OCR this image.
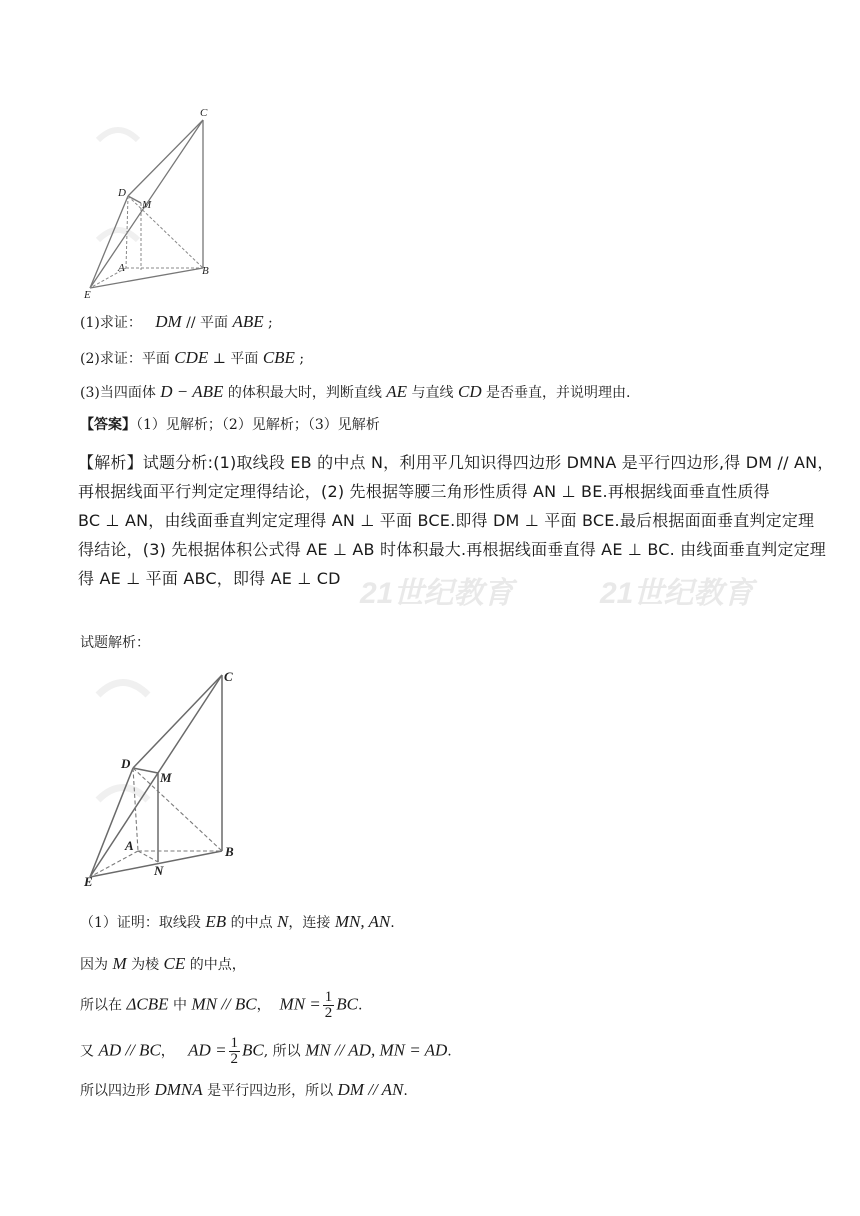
21世纪教育	21世纪教育
C
D
M
A	B
E
(1)求证： DM // 平面 ABE ;
(2)求证：平面 CDE ⊥ 平面 CBE ;
(3)当四面体 D − ABE 的体积最大时，判断直线 AE 与直线 CD 是否垂直，并说明理由.
【答案】（1）见解析；（2）见解析；（3）见解析
【解析】试题分析:(1)取线段 EB 的中点 N，利用平几知识得四边形 DMNA 是平行四边形,得 DM // AN，
再根据线面平行判定定理得结论，(2) 先根据等腰三角形性质得 AN ⊥ BE.再根据线面垂直性质得
BC ⊥ AN，由线面垂直判定定理得 AN ⊥ 平面 BCE.即得 DM ⊥ 平面 BCE.最后根据面面垂直判定定理
得结论，(3) 先根据体积公式得 AE ⊥ AB 时体积最大.再根据线面垂直得 AE ⊥ BC. 由线面垂直判定定理
得 AE ⊥ 平面 ABC，即得 AE ⊥ CD
试题解析：
C
D
M
A	B
N
E
（1）证明：取线段 EB 的中点 N，连接 MN, AN.
因为 M 为棱 CE 的中点，
所以在 ΔCBE 中 MN // BC， MN = $\frac{1}{2}$ BC.
又 AD // BC， AD = $\frac{1}{2}$ BC, 所以 MN // AD, MN = AD.
所以四边形 DMNA 是平行四边形，所以 DM // AN.
